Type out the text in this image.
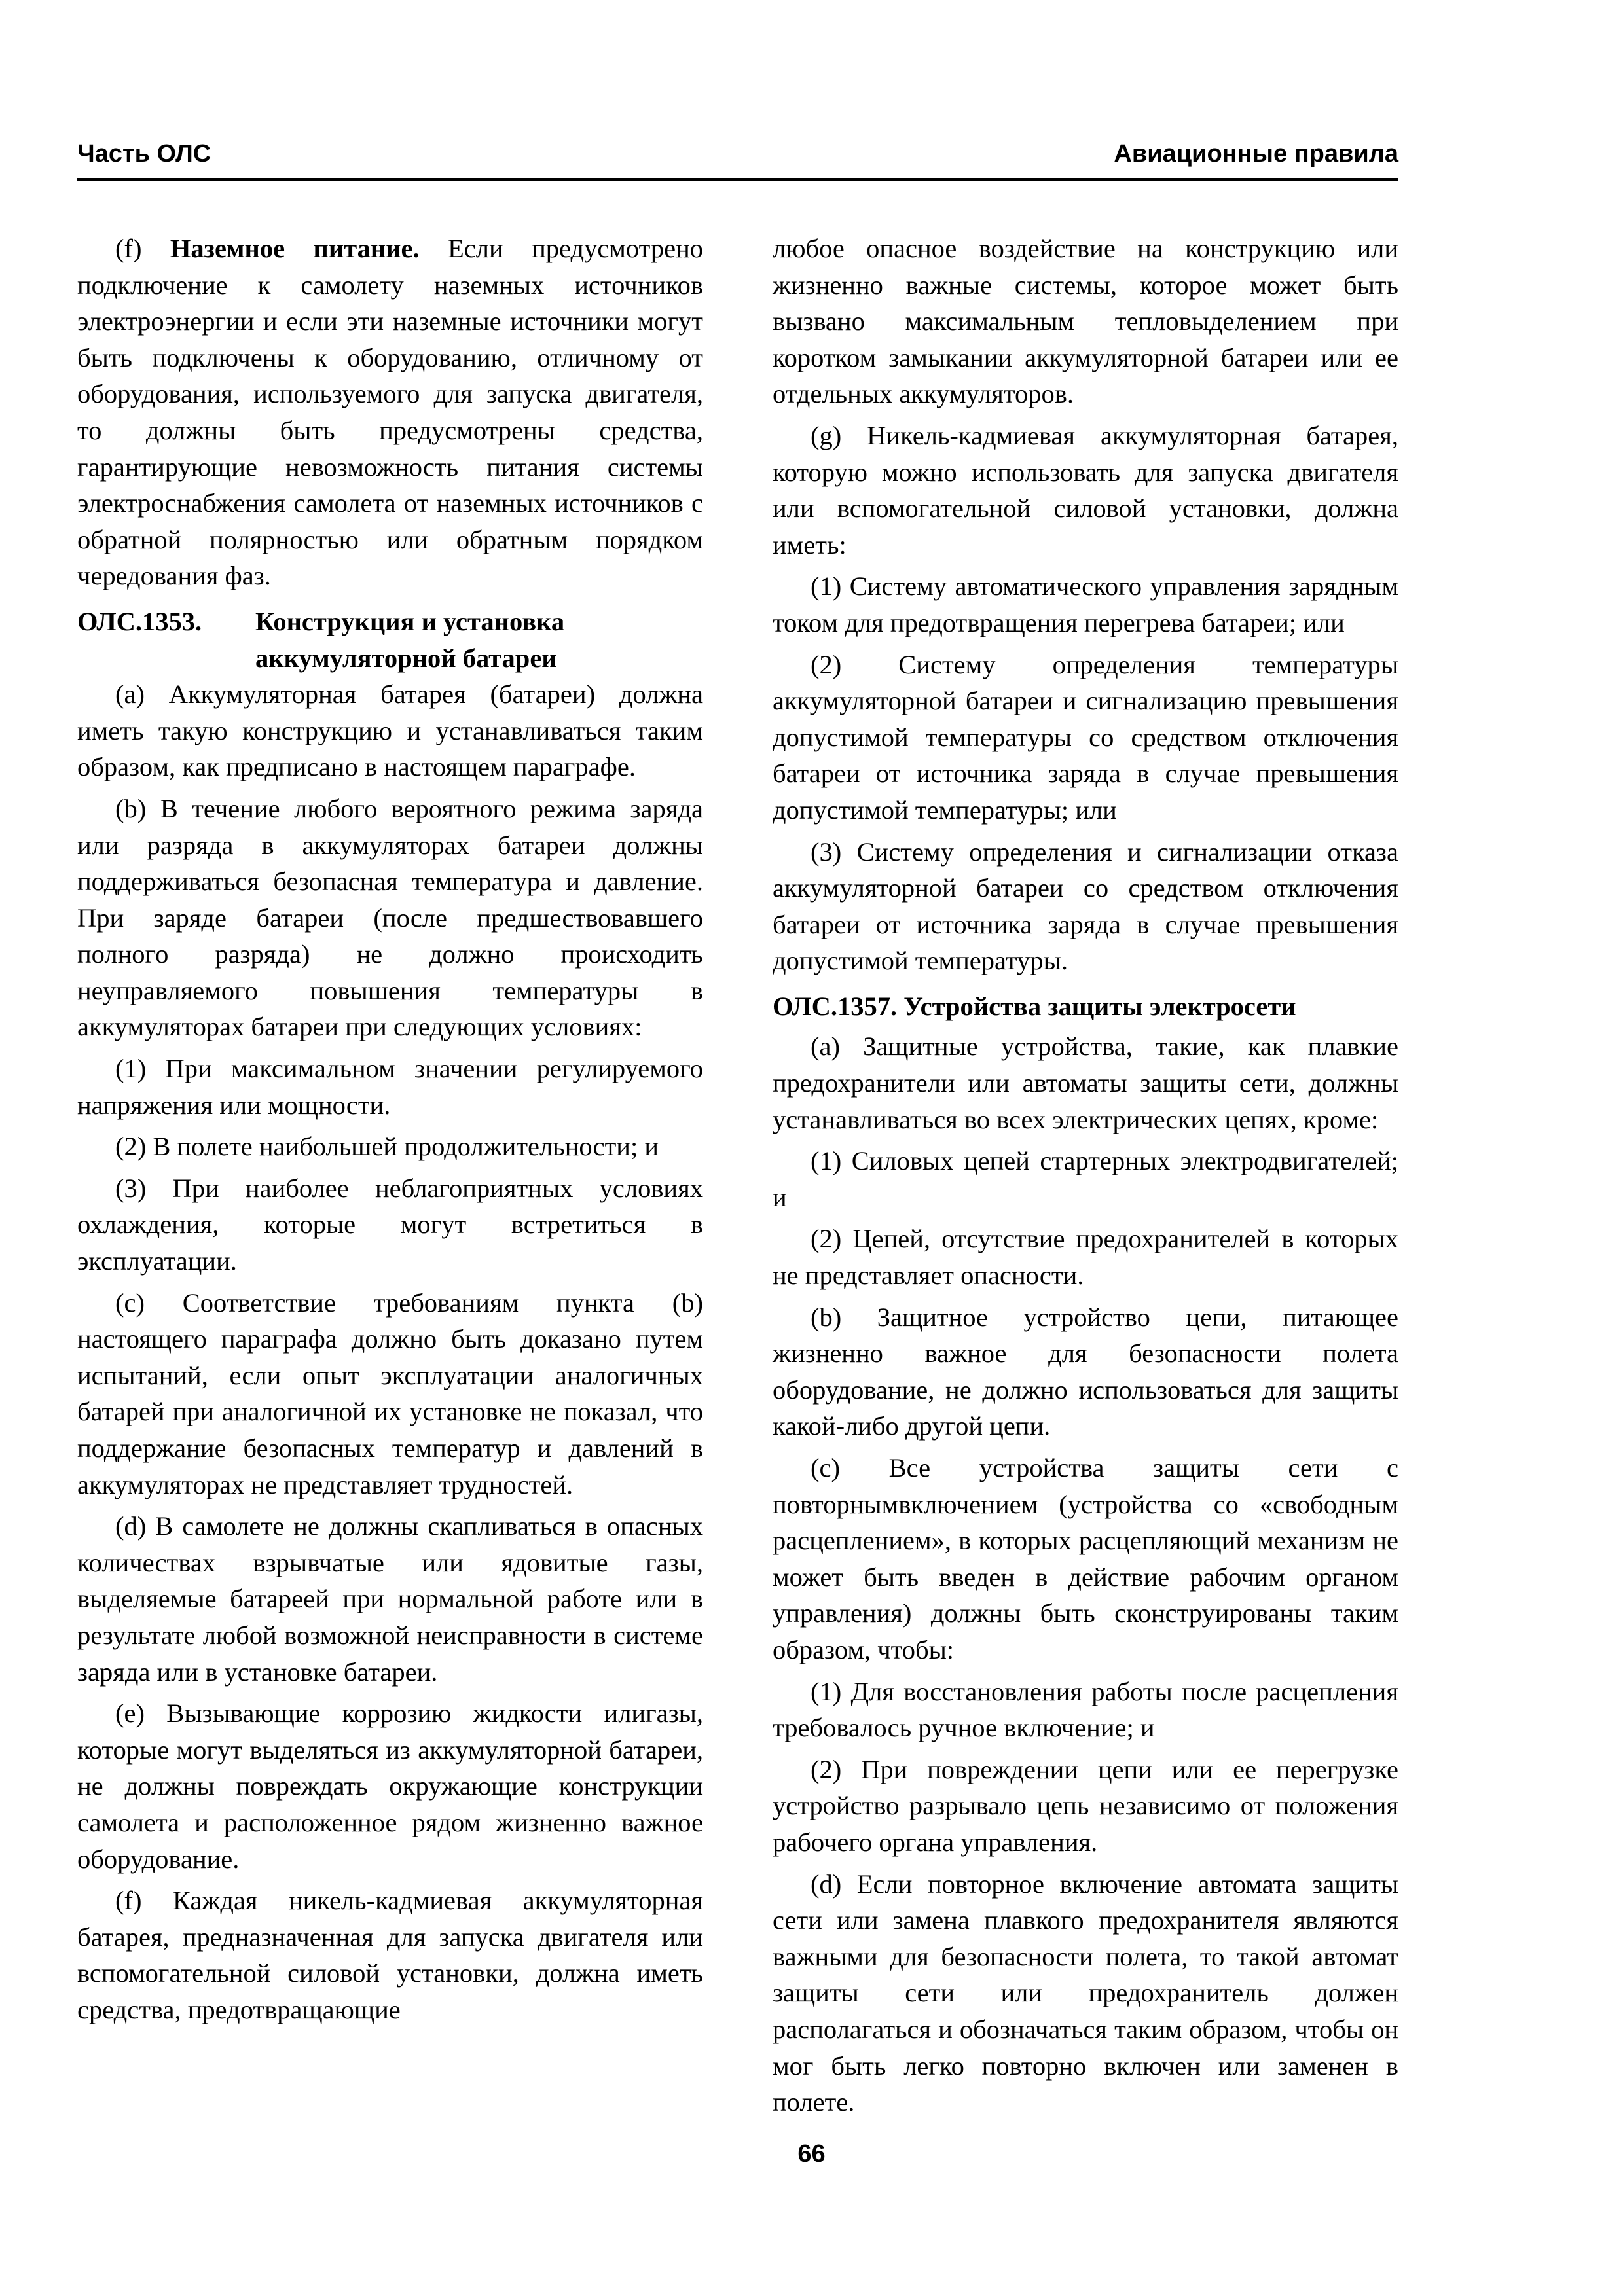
Часть ОЛС	Авиационные правила

(f) Наземное питание. Если предусмотрено подключение к самолету наземных источников электроэнергии и если эти наземные источники могут быть подключены к оборудованию, отличному от оборудования, используемого для запуска двигателя, то должны быть предусмотрены средства, гарантирующие невозможность питания системы электроснабжения самолета от наземных источников с обратной полярностью или обратным порядком чередования фаз.

ОЛС.1353. Конструкция и установка
аккумуляторной батареи

(a) Аккумуляторная батарея (батареи) должна иметь такую конструкцию и устанавливаться таким образом, как предписано в настоящем параграфе.

(b) В течение любого вероятного режима заряда или разряда в аккумуляторах батареи должны поддерживаться безопасная температура и давление. При заряде батареи (после предшествовавшего полного разряда) не должно происходить неуправляемого повышения температуры в аккумуляторах батареи при следующих условиях:

(1) При максимальном значении регулируемого напряжения или мощности.

(2) В полете наибольшей продолжительности; и

(3) При наиболее неблагоприятных условиях охлаждения, которые могут встретиться в эксплуатации.

(c) Соответствие требованиям пункта (b) настоящего параграфа должно быть доказано путем испытаний, если опыт эксплуатации аналогичных батарей при аналогичной их установке не показал, что поддержание безопасных температур и давлений в аккумуляторах не представляет трудностей.

(d) В самолете не должны скапливаться в опасных количествах взрывчатые или ядовитые газы, выделяемые батареей при нормальной работе или в результате любой возможной неисправности в системе заряда или в установке батареи.

(e) Вызывающие коррозию жидкости илигазы, которые могут выделяться из аккумуляторной батареи, не должны повреждать окружающие конструкции самолета и расположенное рядом жизненно важное оборудование.

(f) Каждая никель-кадмиевая аккумуляторная батарея, предназначенная для запуска двигателя или вспомогательной силовой установки, должна иметь средства, предотвращающие

любое опасное воздействие на конструкцию или жизненно важные системы, которое может быть вызвано максимальным тепловыделением при коротком замыкании аккумуляторной батареи или ее отдельных аккумуляторов.

(g) Никель-кадмиевая аккумуляторная батарея, которую можно использовать для запуска двигателя или вспомогательной силовой установки, должна иметь:

(1) Систему автоматического управления зарядным током для предотвращения перегрева батареи; или

(2) Систему определения температуры аккумуляторной батареи и сигнализацию превышения допустимой температуры со средством отключения батареи от источника заряда в случае превышения допустимой температуры; или

(3) Систему определения и сигнализации отказа аккумуляторной батареи со средством отключения батареи от источника заряда в случае превышения допустимой температуры.

ОЛС.1357. Устройства защиты электросети

(a) Защитные устройства, такие, как плавкие предохранители или автоматы защиты сети, должны устанавливаться во всех электрических цепях, кроме:

(1) Силовых цепей стартерных электродвигателей; и

(2) Цепей, отсутствие предохранителей в которых не представляет опасности.

(b) Защитное устройство цепи, питающее жизненно важное для безопасности полета оборудование, не должно использоваться для защиты какой-либо другой цепи.

(c) Все устройства защиты сети с повторнымвключением (устройства со «свободным расцеплением», в которых расцепляющий механизм не может быть введен в действие рабочим органом управления) должны быть сконструированы таким образом, чтобы:

(1) Для восстановления работы после расцепления требовалось ручное включение; и

(2) При повреждении цепи или ее перегрузке устройство разрывало цепь независимо от положения рабочего органа управления.

(d) Если повторное включение автомата защиты сети или замена плавкого предохранителя являются важными для безопасности полета, то такой автомат защиты сети или предохранитель должен располагаться и обозначаться таким образом, чтобы он мог быть легко повторно включен или заменен в полете.

66
